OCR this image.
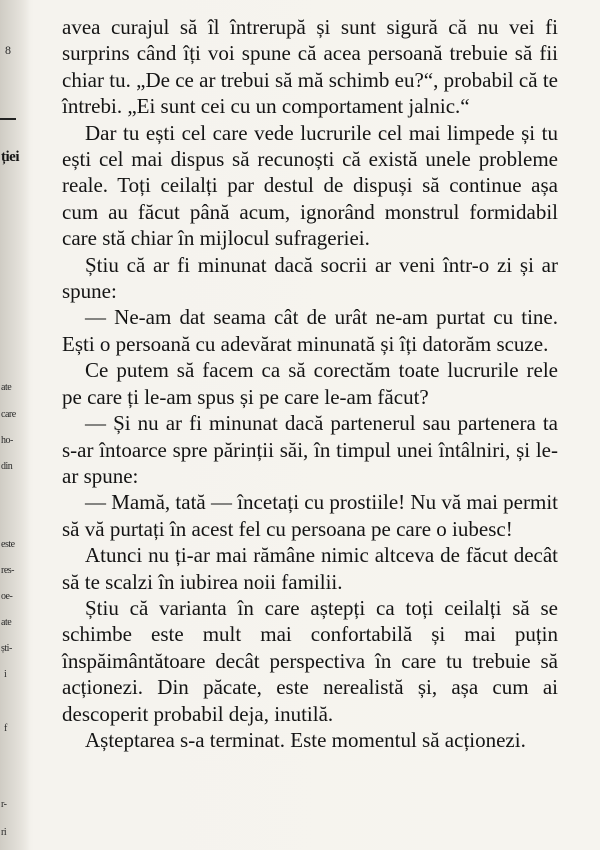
8
ției
ate
care
ho-
din
este
res-
oe-
ate
ști-
i
f
r-
ri

avea curajul să îl întrerupă și sunt sigură că nu vei fi surprins când îți voi spune că acea persoană trebuie să fii chiar tu. „De ce ar trebui să mă schimb eu?“, probabil că te întrebi. „Ei sunt cei cu un comportament jalnic.“

Dar tu ești cel care vede lucrurile cel mai limpede și tu ești cel mai dispus să recunoști că există unele probleme reale. Toți ceilalți par destul de dispuși să continue așa cum au făcut până acum, ignorând monstrul formidabil care stă chiar în mijlocul sufrageriei.

Știu că ar fi minunat dacă socrii ar veni într-o zi și ar spune:

— Ne-am dat seama cât de urât ne-am purtat cu tine. Ești o persoană cu adevărat minunată și îți datorăm scuze.

Ce putem să facem ca să corectăm toate lucrurile rele pe care ți le-am spus și pe care le-am făcut?

— Și nu ar fi minunat dacă partenerul sau partenera ta s-ar întoarce spre părinții săi, în timpul unei întâlniri, și le-ar spune:

— Mamă, tată — încetați cu prostiile! Nu vă mai permit să vă purtați în acest fel cu persoana pe care o iubesc!

Atunci nu ți-ar mai rămâne nimic altceva de făcut decât să te scalzi în iubirea noii familii.

Știu că varianta în care aștepți ca toți ceilalți să se schimbe este mult mai confortabilă și mai puțin înspăimântătoare decât perspectiva în care tu trebuie să acționezi. Din păcate, este nerealistă și, așa cum ai descoperit probabil deja, inutilă.

Așteptarea s-a terminat. Este momentul să acționezi.
